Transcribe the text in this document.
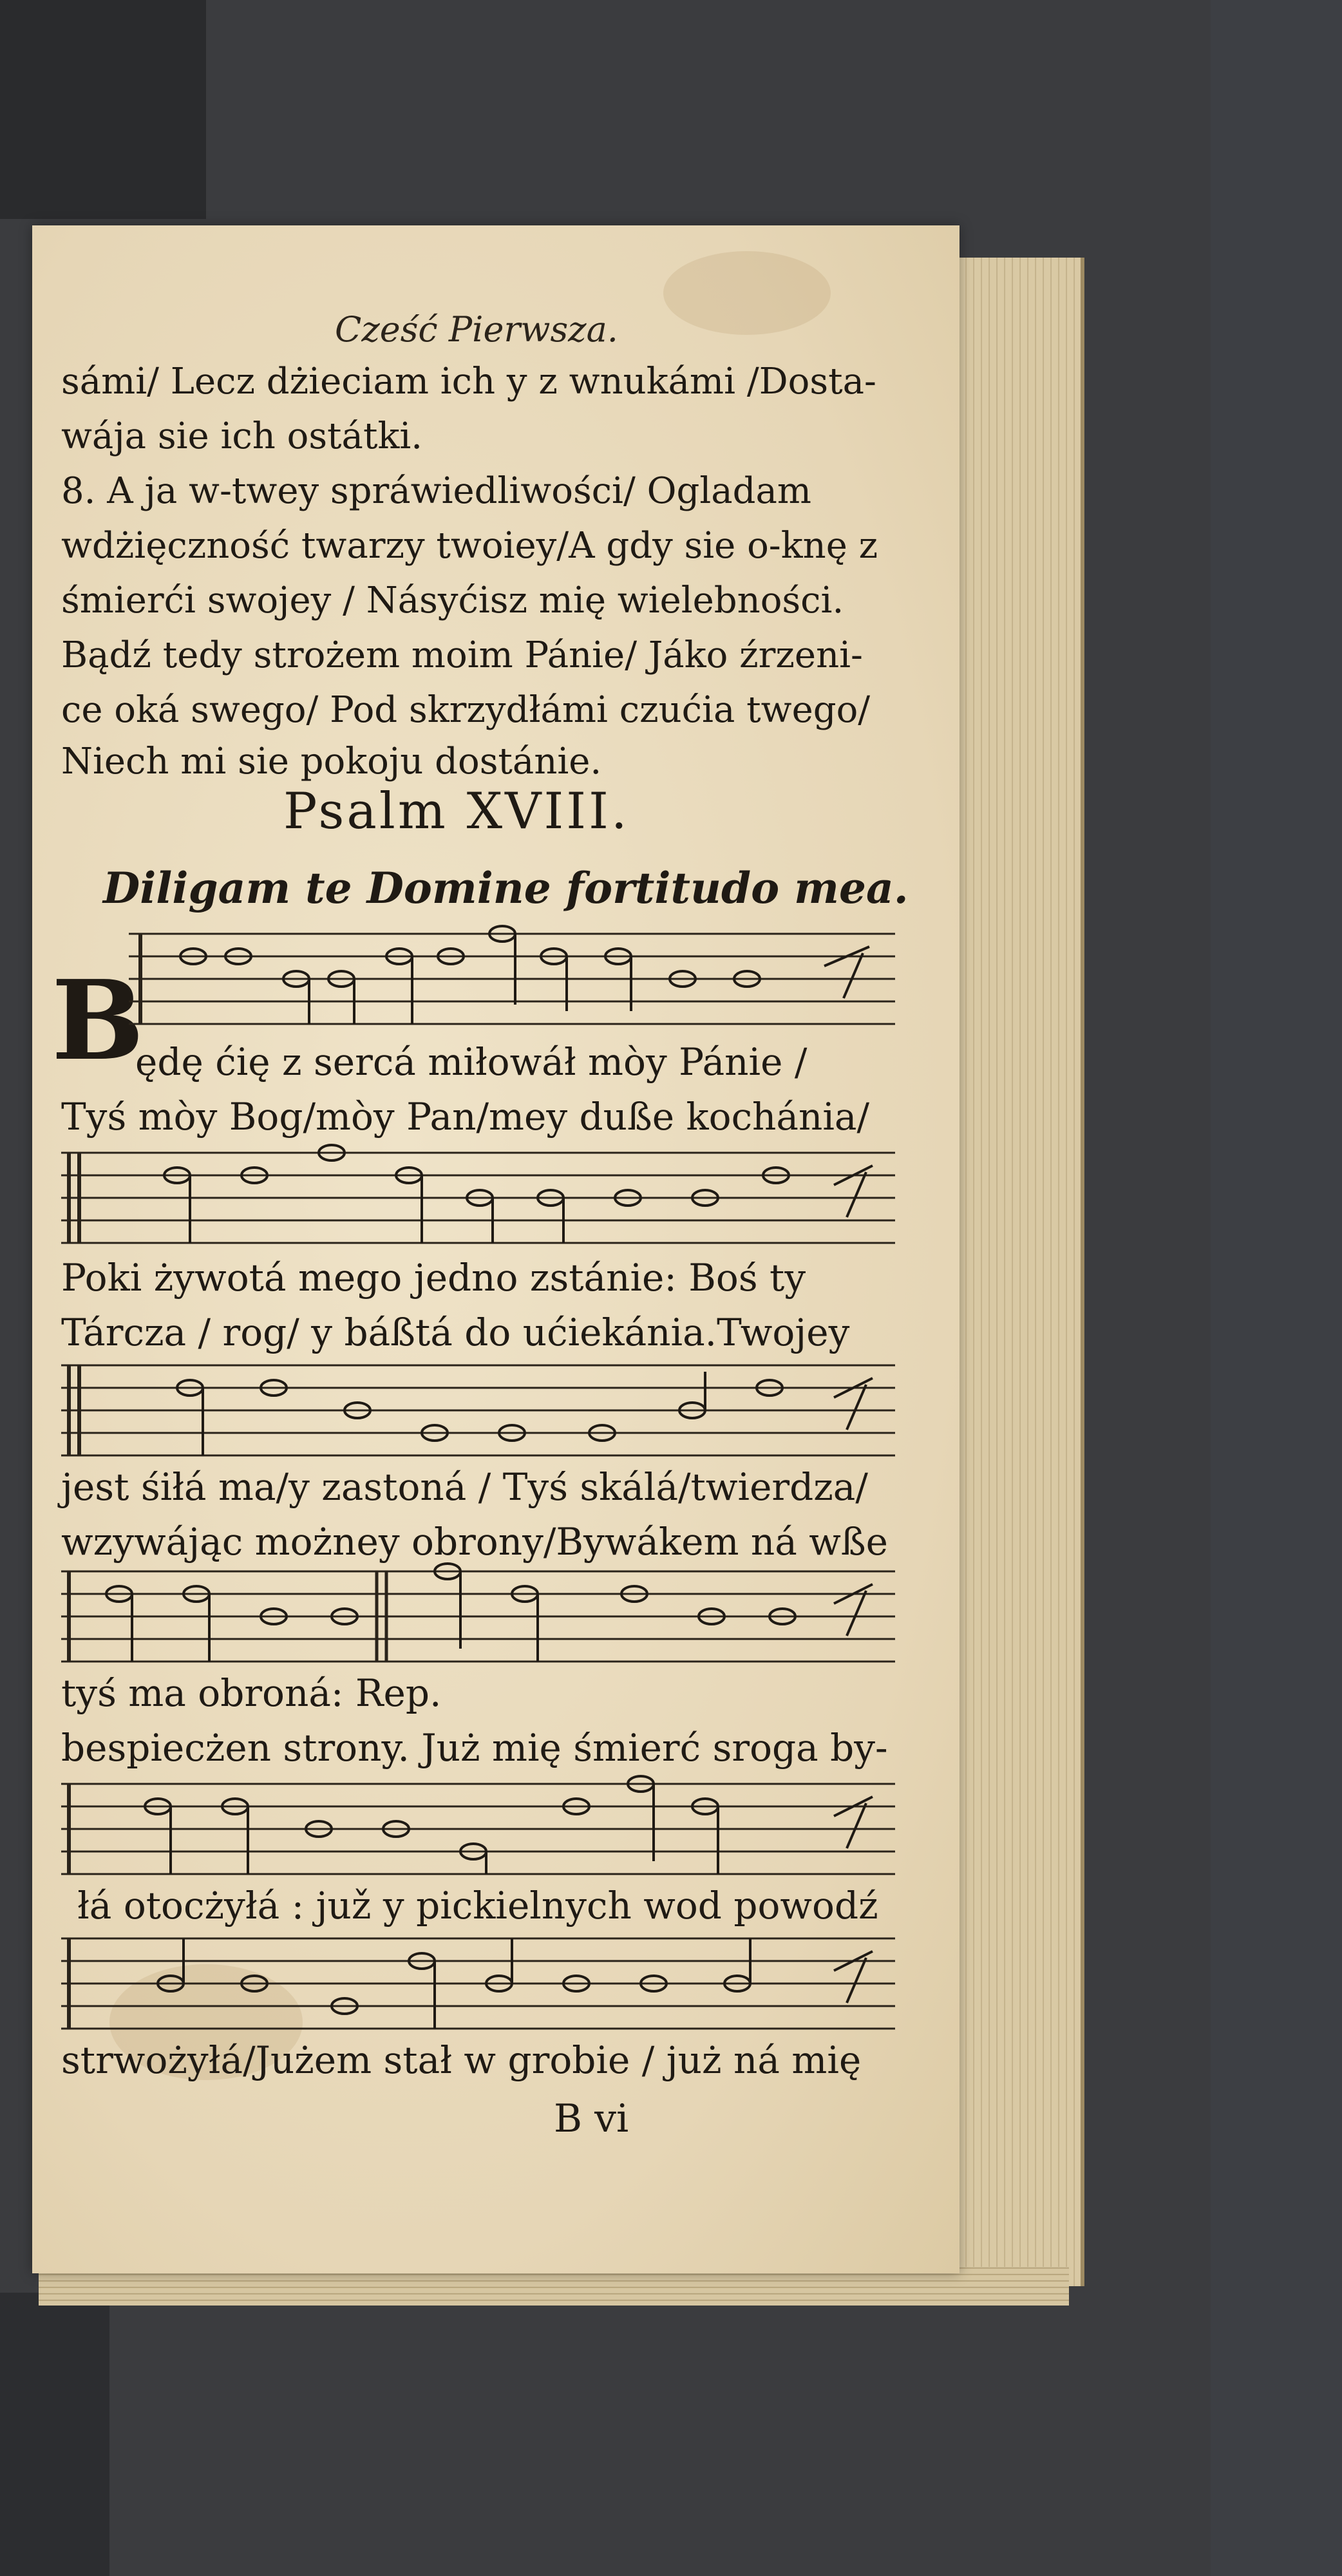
Cześć Pierwsza.
sámi/ Lecz dżieciam ich y z wnukámi /Dosta-
wája sie ich ostátki.
8. A ja w-twey spráwiedliwości/ Ogladam
wdżięczność twarzy twoiey/A gdy sie o-knę z
śmierći swojey / Násyćisz mię wielebności.
Bądź tedy strożem moim Pánie/ Jáko źrzeni-
ce oká swego/ Pod skrzydłámi czućia twego/
Niech mi sie pokoju dostánie.
Psalm XVIII.
Diligam te Domine fortitudo mea.
B
ędę ćię z sercá miłowáł mòy Pánie /
Tyś mòy Bog/mòy Pan/mey duße kochánia/
Poki żywotá mego jedno zstánie: Boś ty
Tárcza / rog/ y báßtá do ućiekánia.Twojey
jest śiłá ma/y zastoná / Tyś skálá/twierdza/
wzywájąc możney obrony/Bywákem ná wße
tyś ma obroná: Rep.
bespiecżen strony. Już mię śmierć sroga by-
łá otocżyłá : juž y pickielnych wod powodź
strwożyłá/Jużem stał w grobie / już ná mię
B vi
